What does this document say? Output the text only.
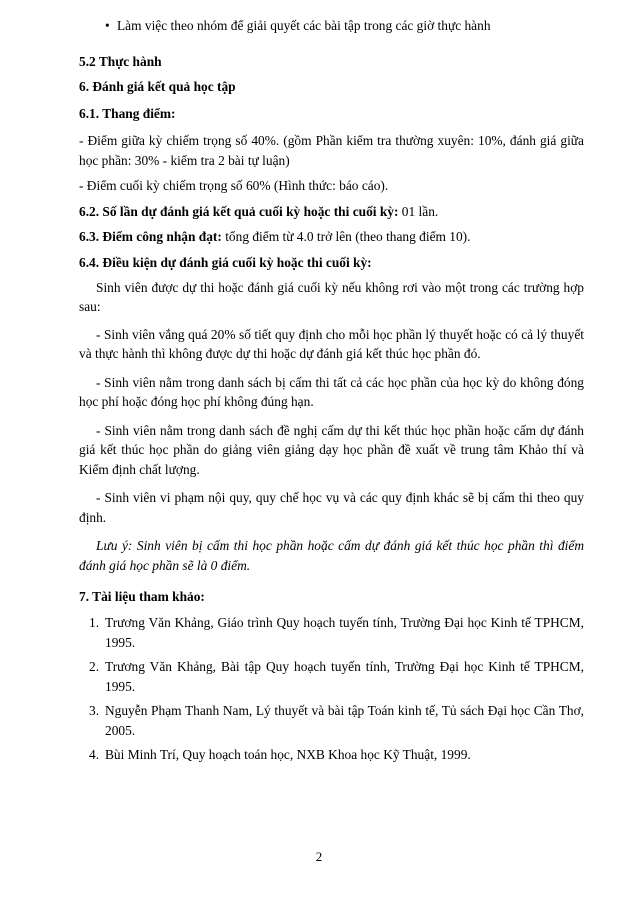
• Làm việc theo nhóm để giải quyết các bài tập trong các giờ thực hành

5.2 Thực hành

6. Đánh giá kết quả học tập

6.1. Thang điểm:

- Điểm giữa kỳ chiếm trọng số 40%. (gồm Phần kiểm tra thường xuyên: 10%, đánh giá giữa học phần: 30% - kiểm tra 2 bài tự luận)

- Điểm cuối kỳ chiếm trọng số 60% (Hình thức: báo cáo).

6.2. Số lần dự đánh giá kết quả cuối kỳ hoặc thi cuối kỳ: 01 lần.

6.3. Điểm công nhận đạt: tổng điểm từ 4.0 trở lên (theo thang điểm 10).

6.4. Điều kiện dự đánh giá cuối kỳ hoặc thi cuối kỳ:

Sinh viên được dự thi hoặc đánh giá cuối kỳ nếu không rơi vào một trong các trường hợp sau:

- Sinh viên vắng quá 20% số tiết quy định cho mỗi học phần lý thuyết hoặc có cả lý thuyết và thực hành thì không được dự thi hoặc dự đánh giá kết thúc học phần đó.

- Sinh viên nằm trong danh sách bị cấm thi tất cả các học phần của học kỳ do không đóng học phí hoặc đóng học phí không đúng hạn.

- Sinh viên nằm trong danh sách đề nghị cấm dự thi kết thúc học phần hoặc cấm dự đánh giá kết thúc học phần do giảng viên giảng dạy học phần đề xuất về trung tâm Khảo thí và Kiểm định chất lượng.

- Sinh viên vi phạm nội quy, quy chế học vụ và các quy định khác sẽ bị cấm thi theo quy định.

Lưu ý: Sinh viên bị cấm thi học phần hoặc cấm dự đánh giá kết thúc học phần thì điểm đánh giá học phần sẽ là 0 điểm.

7. Tài liệu tham khảo:

1. Trương Văn Khảng, Giáo trình Quy hoạch tuyến tính, Trường Đại học Kinh tế TPHCM, 1995.
2. Trương Văn Khảng, Bài tập Quy hoạch tuyến tính, Trường Đại học Kinh tế TPHCM, 1995.
3. Nguyễn Phạm Thanh Nam, Lý thuyết và bài tập Toán kinh tế, Tủ sách Đại học Cần Thơ, 2005.
4. Bùi Minh Trí, Quy hoạch toán học, NXB Khoa học Kỹ Thuật, 1999.
2
